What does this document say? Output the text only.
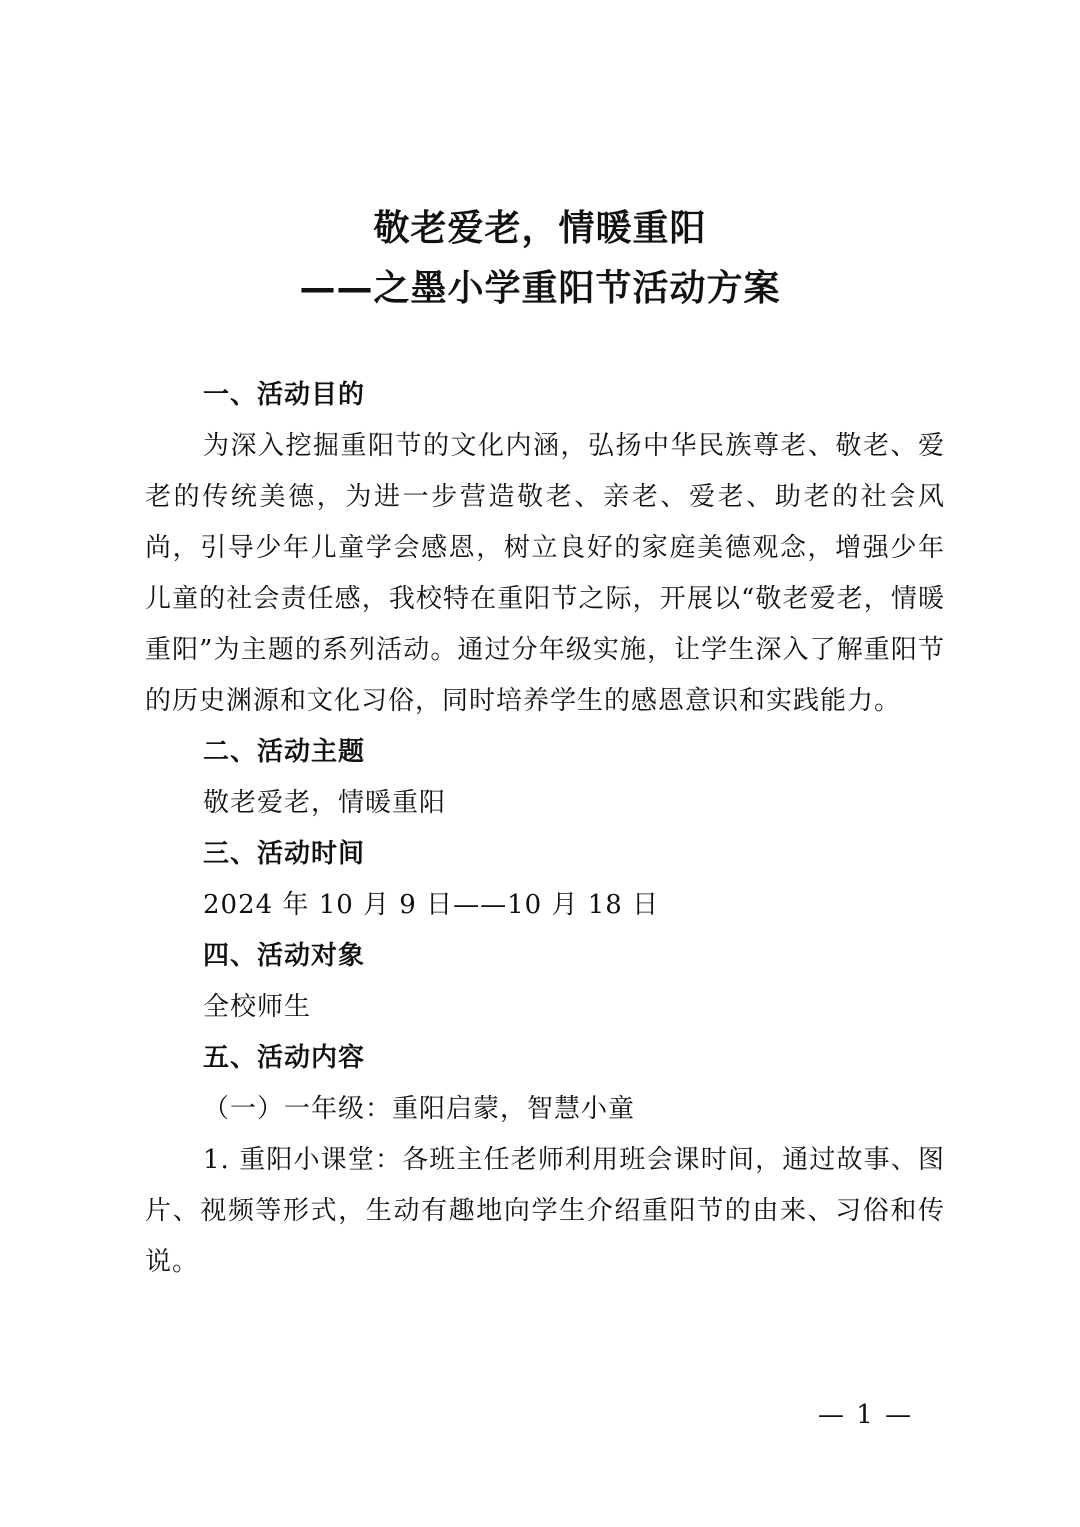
敬老爱老，情暖重阳
——之墨小学重阳节活动方案

一、活动目的

为深入挖掘重阳节的文化内涵，弘扬中华民族尊老、敬老、爱老的传统美德，为进一步营造敬老、亲老、爱老、助老的社会风尚，引导少年儿童学会感恩，树立良好的家庭美德观念，增强少年儿童的社会责任感，我校特在重阳节之际，开展以“敬老爱老，情暖重阳”为主题的系列活动。通过分年级实施，让学生深入了解重阳节的历史渊源和文化习俗，同时培养学生的感恩意识和实践能力。

二、活动主题

敬老爱老，情暖重阳

三、活动时间

2024 年 10 月 9 日——10 月 18 日

四、活动对象

全校师生

五、活动内容

（一）一年级：重阳启蒙，智慧小童

1. 重阳小课堂：各班主任老师利用班会课时间，通过故事、图片、视频等形式，生动有趣地向学生介绍重阳节的由来、习俗和传说。

— 1 —
